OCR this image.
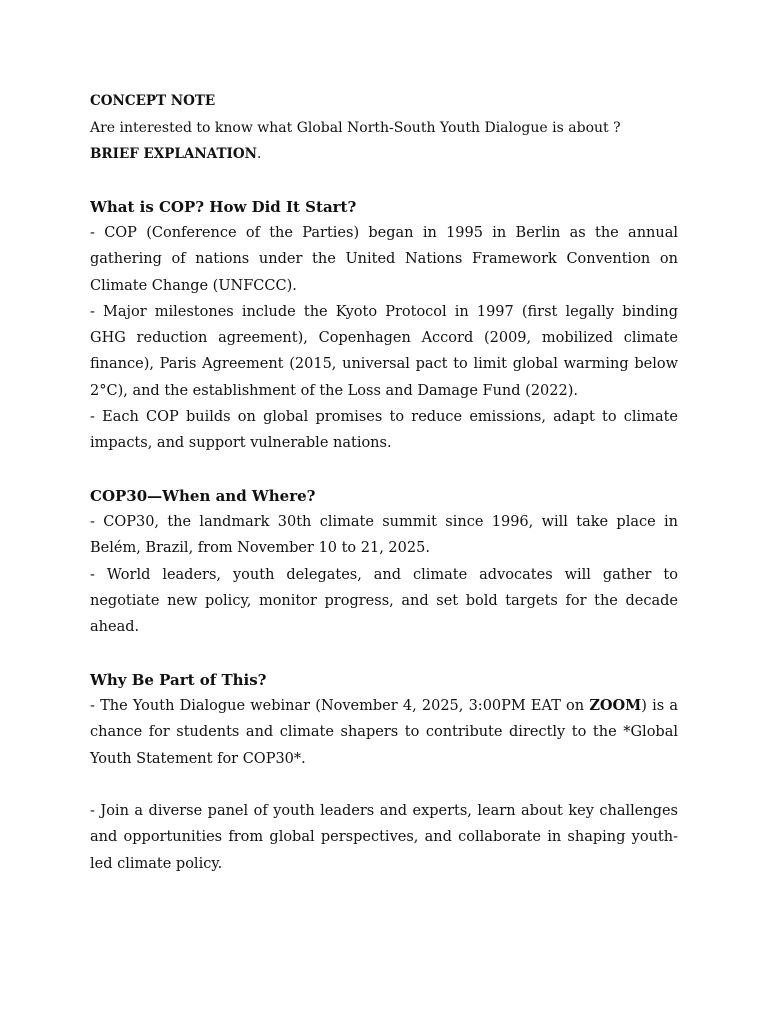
CONCEPT NOTE

Are interested to know what Global North-South Youth Dialogue is about ?

BRIEF EXPLANATION.

What is COP? How Did It Start?

- COP (Conference of the Parties) began in 1995 in Berlin as the annual gathering of nations under the United Nations Framework Convention on Climate Change (UNFCCC).

- Major milestones include the Kyoto Protocol in 1997 (first legally binding GHG reduction agreement), Copenhagen Accord (2009, mobilized climate finance), Paris Agreement (2015, universal pact to limit global warming below 2°C), and the establishment of the Loss and Damage Fund (2022).

- Each COP builds on global promises to reduce emissions, adapt to climate impacts, and support vulnerable nations.

COP30—When and Where?

- COP30, the landmark 30th climate summit since 1996, will take place in Belém, Brazil, from November 10 to 21, 2025.

- World leaders, youth delegates, and climate advocates will gather to negotiate new policy, monitor progress, and set bold targets for the decade ahead.

Why Be Part of This?

- The Youth Dialogue webinar (November 4, 2025, 3:00PM EAT on ZOOM) is a chance for students and climate shapers to contribute directly to the *Global Youth Statement for COP30*.

- Join a diverse panel of youth leaders and experts, learn about key challenges and opportunities from global perspectives, and collaborate in shaping youth-led climate policy.
